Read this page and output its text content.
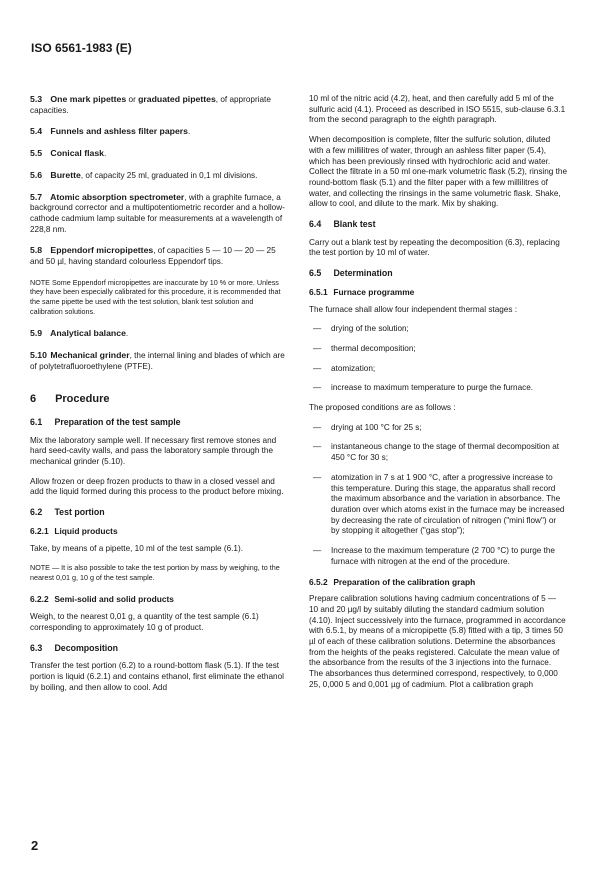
ISO 6561-1983 (E)

5.3 One mark pipettes or graduated pipettes, of appropriate capacities.

5.4 Funnels and ashless filter papers.

5.5 Conical flask.

5.6 Burette, of capacity 25 ml, graduated in 0,1 ml divisions.

5.7 Atomic absorption spectrometer, with a graphite furnace, a background corrector and a multipotentiometric recorder and a hollow-cathode cadmium lamp suitable for measurements at a wavelength of 228,8 nm.

5.8 Eppendorf micropipettes, of capacities 5 — 10 — 20 — 25 and 50 µl, having standard colourless Eppendorf tips.

NOTE Some Eppendorf micropipettes are inaccurate by 10 % or more. Unless they have been especially calibrated for this procedure, it is recommended that the same pipette be used with the test solution, blank test solution and calibration solutions.

5.9 Analytical balance.

5.10 Mechanical grinder, the internal lining and blades of which are of polytetrafluoroethylene (PTFE).

6 Procedure
6.1 Preparation of the test sample

Mix the laboratory sample well. If necessary first remove stones and hard seed-cavity walls, and pass the laboratory sample through the mechanical grinder (5.10).

Allow frozen or deep frozen products to thaw in a closed vessel and add the liquid formed during this process to the product before mixing.

6.2 Test portion
6.2.1 Liquid products

Take, by means of a pipette, 10 ml of the test sample (6.1).

NOTE — It is also possible to take the test portion by mass by weighing, to the nearest 0,01 g, 10 g of the test sample.

6.2.2 Semi-solid and solid products

Weigh, to the nearest 0,01 g, a quantity of the test sample (6.1) corresponding to approximately 10 g of product.

6.3 Decomposition

Transfer the test portion (6.2) to a round-bottom flask (5.1). If the test portion is liquid (6.2.1) and contains ethanol, first eliminate the ethanol by boiling, and then allow to cool. Add

10 ml of the nitric acid (4.2), heat, and then carefully add 5 ml of the sulfuric acid (4.1). Proceed as described in ISO 5515, sub-clause 6.3.1 from the second paragraph to the eighth paragraph.

When decomposition is complete, filter the sulfuric solution, diluted with a few millilitres of water, through an ashless filter paper (5.4), which has been previously rinsed with hydrochloric acid and water. Collect the filtrate in a 50 ml one-mark volumetric flask (5.2), rinsing the round-bottom flask (5.1) and the filter paper with a few millilitres of water, and collecting the rinsings in the same volumetric flask. Shake, allow to cool, and dilute to the mark. Mix by shaking.

6.4 Blank test

Carry out a blank test by repeating the decomposition (6.3), replacing the test portion by 10 ml of water.

6.5 Determination
6.5.1 Furnace programme

The furnace shall allow four independent thermal stages :

— drying of the solution;
— thermal decomposition;
— atomization;
— increase to maximum temperature to purge the furnace.

The proposed conditions are as follows :

— drying at 100 °C for 25 s;
— instantaneous change to the stage of thermal decomposition at 450 °C for 30 s;
— atomization in 7 s at 1 900 °C, after a progressive increase to this temperature. During this stage, the apparatus shall record the maximum absorbance and the variation in absorbance. The duration over which atoms exist in the furnace may be increased by decreasing the rate of circulation of nitrogen ("mini flow") or by stopping it altogether ("gas stop");
— Increase to the maximum temperature (2 700 °C) to purge the furnace with nitrogen at the end of the procedure.
6.5.2 Preparation of the calibration graph

Prepare calibration solutions having cadmium concentrations of 5 — 10 and 20 µg/l by suitably diluting the standard cadmium solution (4.10). Inject successively into the furnace, programmed in accordance with 6.5.1, by means of a micropipette (5.8) fitted with a tip, 3 times 50 µl of each of these calibration solutions. Determine the absorbances from the heights of the peaks registered. Calculate the mean value of the absorbance from the results of the 3 injections into the furnace. The absorbances thus determined correspond, respectively, to 0,000 25, 0,000 5 and 0,001 µg of cadmium. Plot a calibration graph

2
